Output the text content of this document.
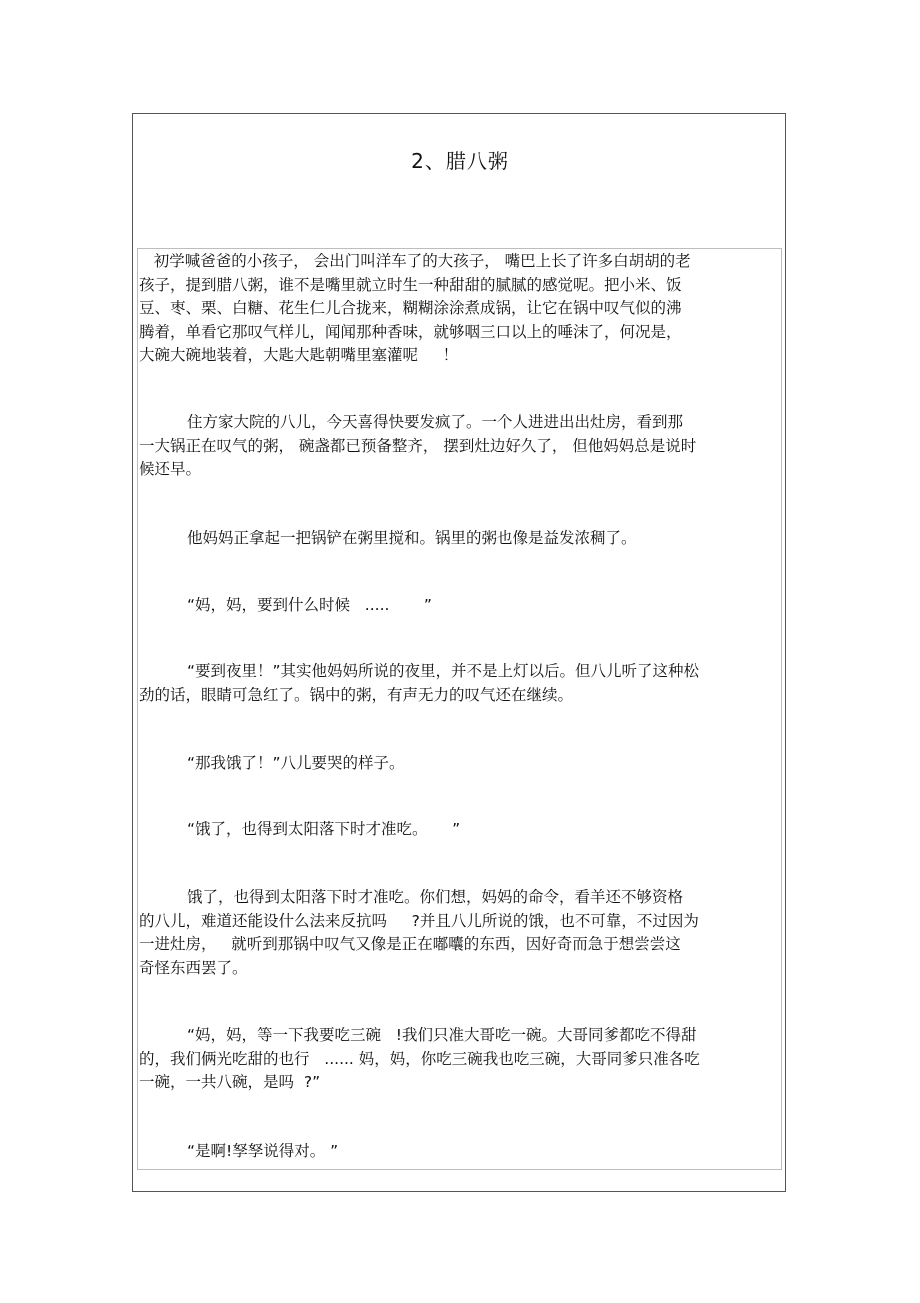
2、腊八粥

初学喊爸爸的小孩子， 会出门叫洋车了的大孩子， 嘴巴上长了许多白胡胡的老
孩子，提到腊八粥，谁不是嘴里就立时生一种甜甜的腻腻的感觉呢。把小米、饭
豆、枣、栗、白糖、花生仁儿合拢来，糊糊涂涂煮成锅，让它在锅中叹气似的沸
腾着，单看它那叹气样儿，闻闻那种香味，就够咽三口以上的唾沫了，何况是，
大碗大碗地装着，大匙大匙朝嘴里塞灌呢     ！

住方家大院的八儿，今天喜得快要发疯了。一个人进进出出灶房，看到那
一大锅正在叹气的粥， 碗盏都已预备整齐， 摆到灶边好久了， 但他妈妈总是说时
候还早。

他妈妈正拿起一把锅铲在粥里搅和。锅里的粥也像是益发浓稠了。

“妈，妈，要到什么时候   .....       ”

“要到夜里！”其实他妈妈所说的夜里，并不是上灯以后。但八儿听了这种松
劲的话，眼睛可急红了。锅中的粥，有声无力的叹气还在继续。

“那我饿了！”八儿要哭的样子。

“饿了，也得到太阳落下时才准吃。     ”

饿了，也得到太阳落下时才准吃。你们想，妈妈的命令，看羊还不够资格
的八儿，难道还能设什么法来反抗吗     ?并且八儿所说的饿，也不可靠，不过因为
一进灶房，   就听到那锅中叹气又像是正在嘟囔的东西，因好奇而急于想尝尝这
奇怪东西罢了。

“妈，妈，等一下我要吃三碗   !我们只准大哥吃一碗。大哥同爹都吃不得甜
的，我们俩光吃甜的也行   ...... 妈，妈，你吃三碗我也吃三碗，大哥同爹只准各吃
一碗，一共八碗，是吗  ?”

“是啊!孥孥说得对。 ”
